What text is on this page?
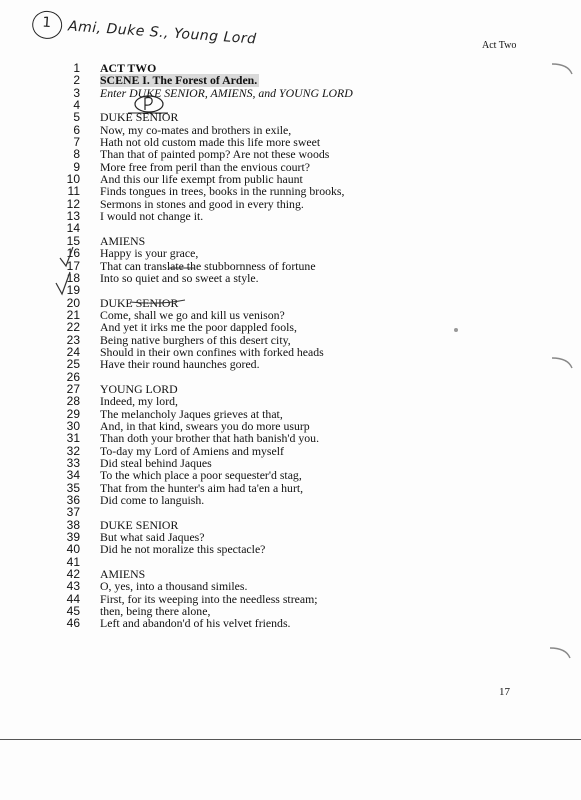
1 Ami, Duke S., Young Lord	Act Two
1 ACT TWO
2 SCENE I. The Forest of Arden.
3 Enter DUKE SENIOR, AMIENS, and YOUNG LORD
4
5 DUKE SENIOR
6 Now, my co-mates and brothers in exile,
7 Hath not old custom made this life more sweet
8 Than that of painted pomp? Are not these woods
9 More free from peril than the envious court?
10 And this our life exempt from public haunt
11 Finds tongues in trees, books in the running brooks,
12 Sermons in stones and good in every thing.
13 I would not change it.
14
15 AMIENS
16 Happy is your grace,
17 That can translate the stubbornness of fortune
18 Into so quiet and so sweet a style.
19
20 DUKE SENIOR
21 Come, shall we go and kill us venison?
22 And yet it irks me the poor dappled fools,
23 Being native burghers of this desert city,
24 Should in their own confines with forked heads
25 Have their round haunches gored.
26
27 YOUNG LORD
28 Indeed, my lord,
29 The melancholy Jaques grieves at that,
30 And, in that kind, swears you do more usurp
31 Than doth your brother that hath banish'd you.
32 To-day my Lord of Amiens and myself
33 Did steal behind Jaques
34 To the which place a poor sequester'd stag,
35 That from the hunter's aim had ta'en a hurt,
36 Did come to languish.
37
38 DUKE SENIOR
39 But what said Jaques?
40 Did he not moralize this spectacle?
41
42 AMIENS
43 O, yes, into a thousand similes.
44 First, for its weeping into the needless stream;
45 then, being there alone,
46 Left and abandon'd of his velvet friends.
17
